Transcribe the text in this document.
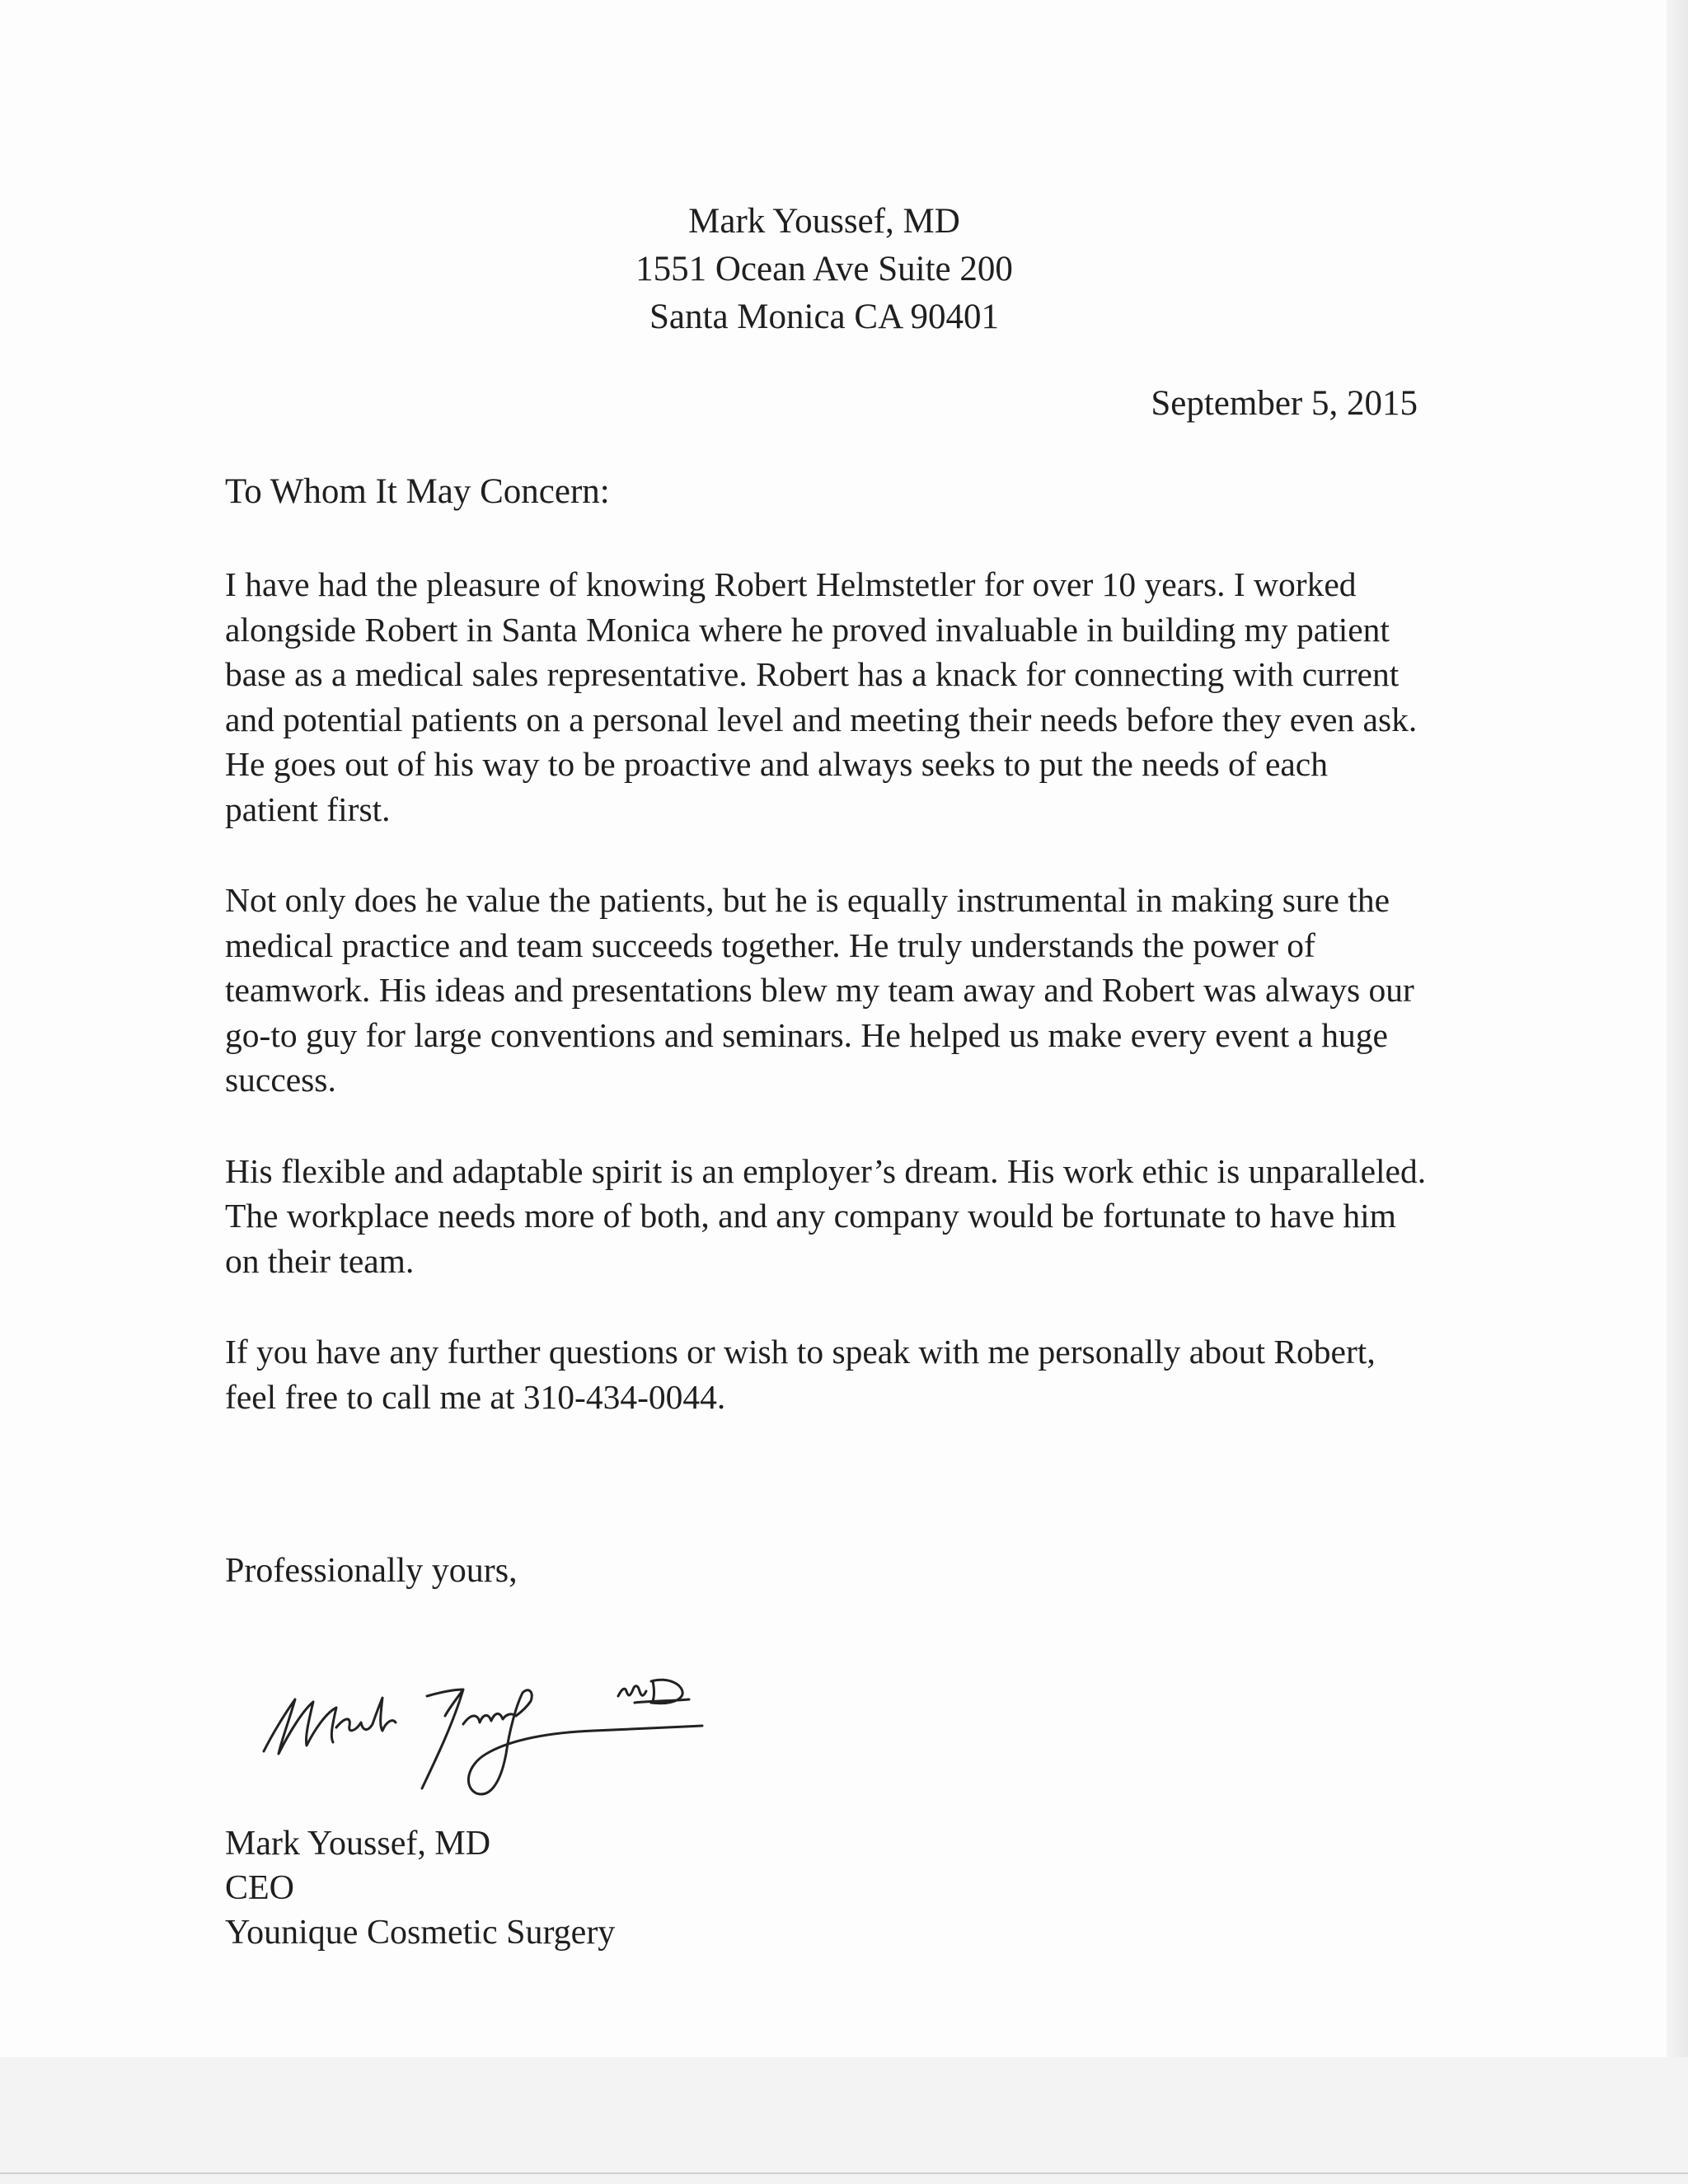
Mark Youssef, MD
1551 Ocean Ave Suite 200
Santa Monica CA 90401
September 5, 2015
To Whom It May Concern:

I have had the pleasure of knowing Robert Helmstetler for over 10 years. I worked alongside Robert in Santa Monica where he proved invaluable in building my patient base as a medical sales representative. Robert has a knack for connecting with current and potential patients on a personal level and meeting their needs before they even ask. He goes out of his way to be proactive and always seeks to put the needs of each patient first.

Not only does he value the patients, but he is equally instrumental in making sure the medical practice and team succeeds together. He truly understands the power of teamwork. His ideas and presentations blew my team away and Robert was always our go-to guy for large conventions and seminars. He helped us make every event a huge success.

His flexible and adaptable spirit is an employer’s dream. His work ethic is unparalleled. The workplace needs more of both, and any company would be fortunate to have him on their team.

If you have any further questions or wish to speak with me personally about Robert, feel free to call me at 310-434-0044.

Professionally yours,
Mark Youssef, MD
CEO
Younique Cosmetic Surgery
